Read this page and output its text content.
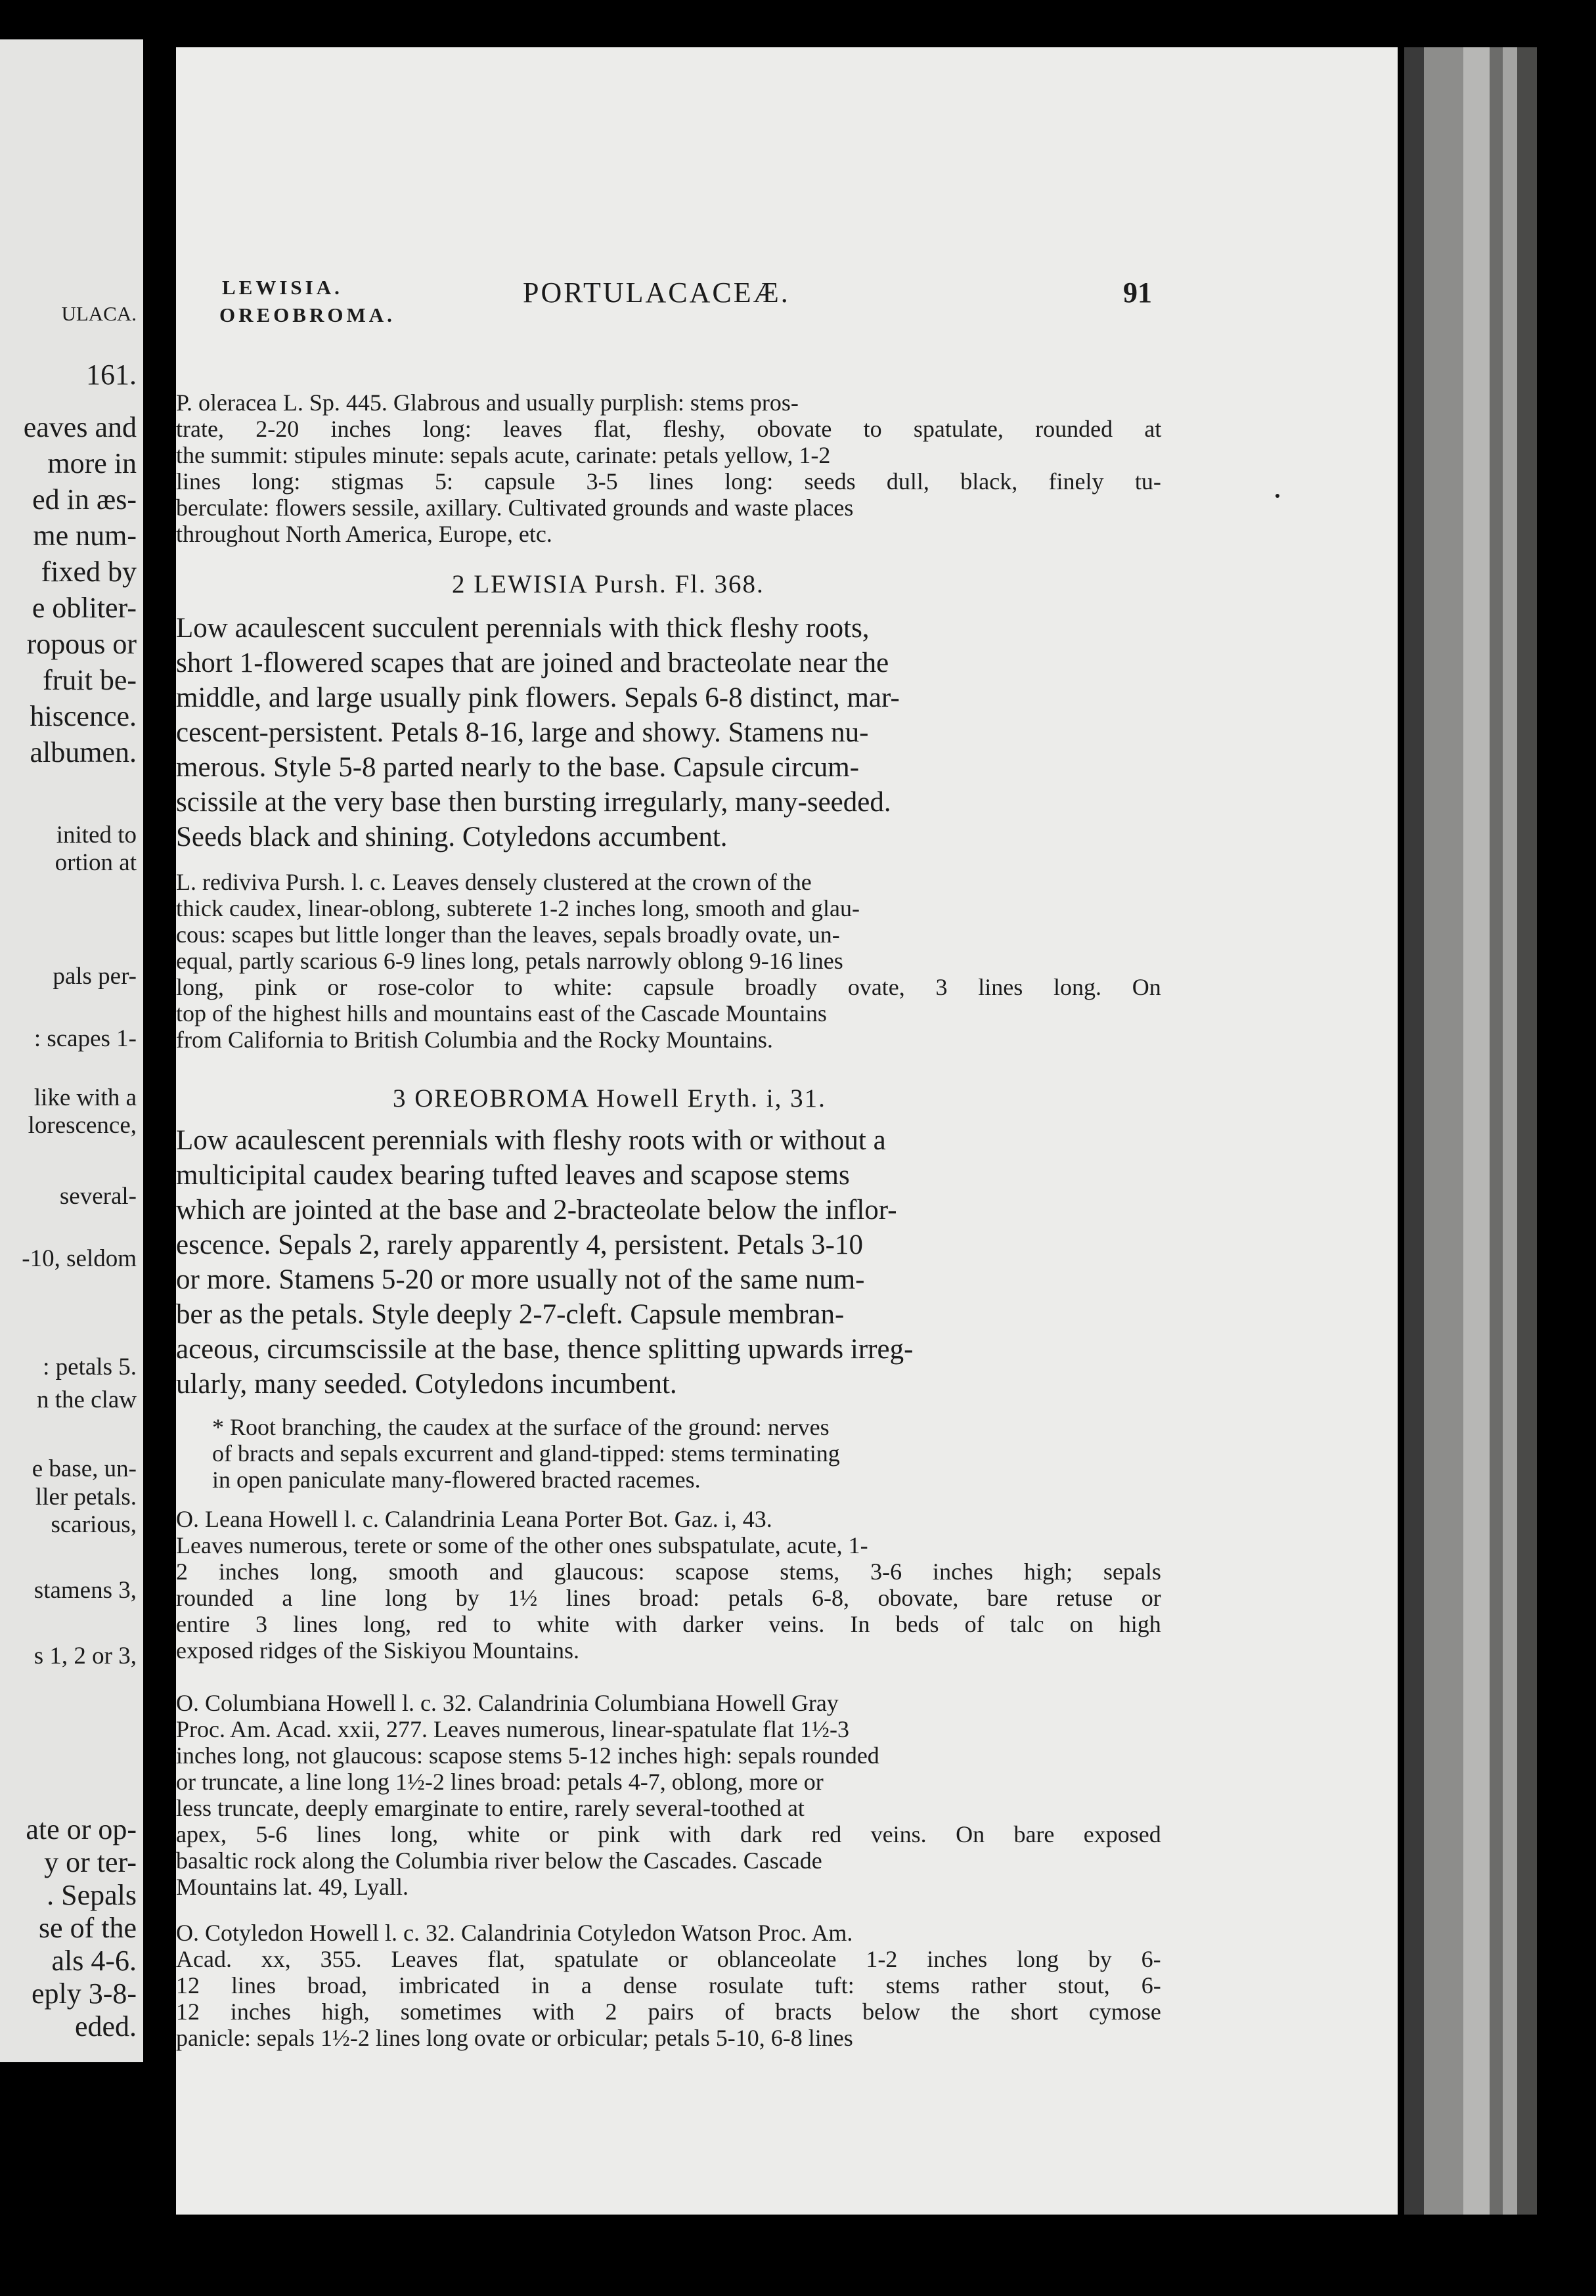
ULACA.
161.
eaves and
more in
ed in æs-
me num-
fixed by
e obliter-
ropous or
fruit be-
hiscence.
albumen.
inited to
ortion at
pals per-
: scapes 1-
like with a
lorescence,
several-
-10, seldom
: petals 5.
n the claw
e base, un-
ller petals.
scarious,
stamens 3,
s 1, 2 or 3,
ate or op-
y or ter-
. Sepals
se of the
als 4-6.
eply 3-8-
eded.
LEWISIA.
OREOBROMA.
PORTULACACEÆ.	91
P. oleracea L. Sp. 445. Glabrous and usually purplish: stems pros-
trate, 2-20 inches long: leaves flat, fleshy, obovate to spatulate, rounded at
the summit: stipules minute: sepals acute, carinate: petals yellow, 1-2
lines long: stigmas 5: capsule 3-5 lines long: seeds dull, black, finely tu-
berculate: flowers sessile, axillary. Cultivated grounds and waste places
throughout North America, Europe, etc.
2 LEWISIA Pursh. Fl. 368.
Low acaulescent succulent perennials with thick fleshy roots,
short 1-flowered scapes that are joined and bracteolate near the
middle, and large usually pink flowers. Sepals 6-8 distinct, mar-
cescent-persistent. Petals 8-16, large and showy. Stamens nu-
merous. Style 5-8 parted nearly to the base. Capsule circum-
scissile at the very base then bursting irregularly, many-seeded.
Seeds black and shining. Cotyledons accumbent.
L. rediviva Pursh. l. c. Leaves densely clustered at the crown of the
thick caudex, linear-oblong, subterete 1-2 inches long, smooth and glau-
cous: scapes but little longer than the leaves, sepals broadly ovate, un-
equal, partly scarious 6-9 lines long, petals narrowly oblong 9-16 lines
long, pink or rose-color to white: capsule broadly ovate, 3 lines long. On
top of the highest hills and mountains east of the Cascade Mountains
from California to British Columbia and the Rocky Mountains.
3 OREOBROMA Howell Eryth. i, 31.
Low acaulescent perennials with fleshy roots with or without a
multicipital caudex bearing tufted leaves and scapose stems
which are jointed at the base and 2-bracteolate below the inflor-
escence. Sepals 2, rarely apparently 4, persistent. Petals 3-10
or more. Stamens 5-20 or more usually not of the same num-
ber as the petals. Style deeply 2-7-cleft. Capsule membran-
aceous, circumscissile at the base, thence splitting upwards irreg-
ularly, many seeded. Cotyledons incumbent.
* Root branching, the caudex at the surface of the ground: nerves
of bracts and sepals excurrent and gland-tipped: stems terminating
in open paniculate many-flowered bracted racemes.
O. Leana Howell l. c. Calandrinia Leana Porter Bot. Gaz. i, 43.
Leaves numerous, terete or some of the other ones subspatulate, acute, 1-
2 inches long, smooth and glaucous: scapose stems, 3-6 inches high; sepals
rounded a line long by 1½ lines broad: petals 6-8, obovate, bare retuse or
entire 3 lines long, red to white with darker veins. In beds of talc on high
exposed ridges of the Siskiyou Mountains.
O. Columbiana Howell l. c. 32. Calandrinia Columbiana Howell Gray
Proc. Am. Acad. xxii, 277. Leaves numerous, linear-spatulate flat 1½-3
inches long, not glaucous: scapose stems 5-12 inches high: sepals rounded
or truncate, a line long 1½-2 lines broad: petals 4-7, oblong, more or
less truncate, deeply emarginate to entire, rarely several-toothed at
apex, 5-6 lines long, white or pink with dark red veins. On bare exposed
basaltic rock along the Columbia river below the Cascades. Cascade
Mountains lat. 49, Lyall.
O. Cotyledon Howell l. c. 32. Calandrinia Cotyledon Watson Proc. Am.
Acad. xx, 355. Leaves flat, spatulate or oblanceolate 1-2 inches long by 6-
12 lines broad, imbricated in a dense rosulate tuft: stems rather stout, 6-
12 inches high, sometimes with 2 pairs of bracts below the short cymose
panicle: sepals 1½-2 lines long ovate or orbicular; petals 5-10, 6-8 lines
